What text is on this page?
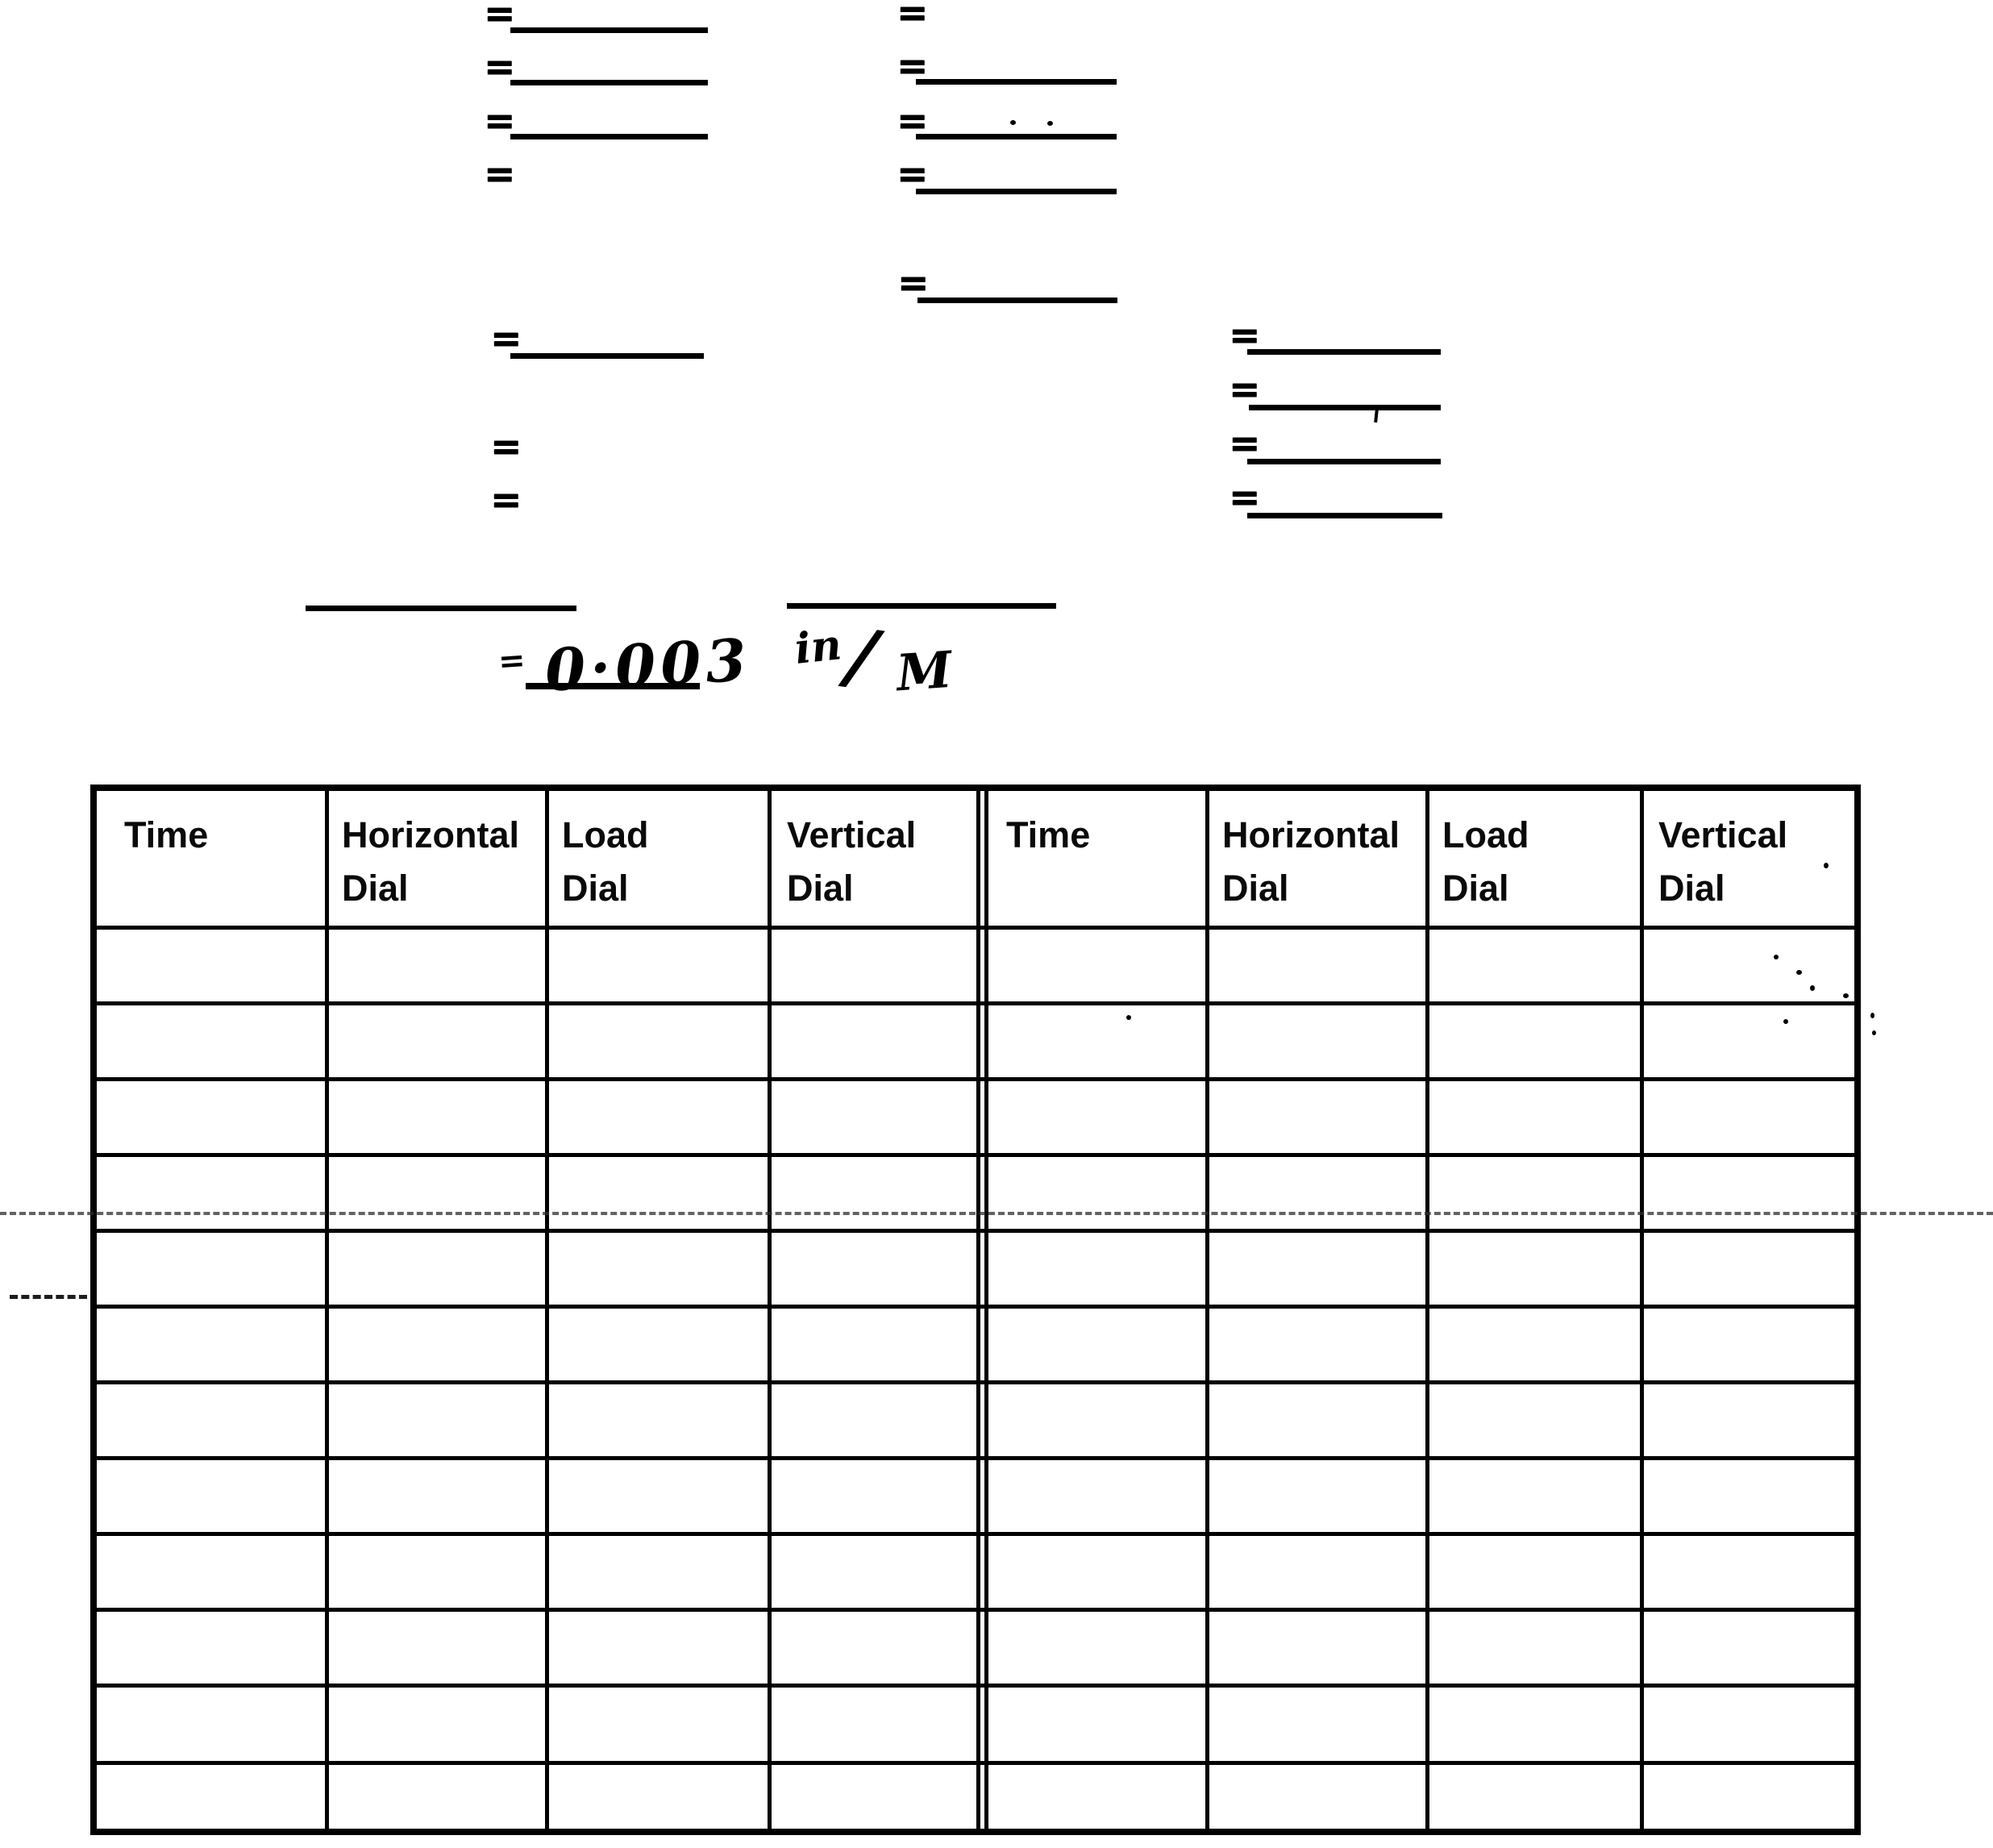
=
=
=
=
=
=
=
=
=
=
=
=
=
=
=
=
= 0·003 in
/ M
Time	Horizontal
Dial
Load
Dial
Vertical
Dial
Time	Horizontal
Dial
Load
Dial
Vertical
Dial
